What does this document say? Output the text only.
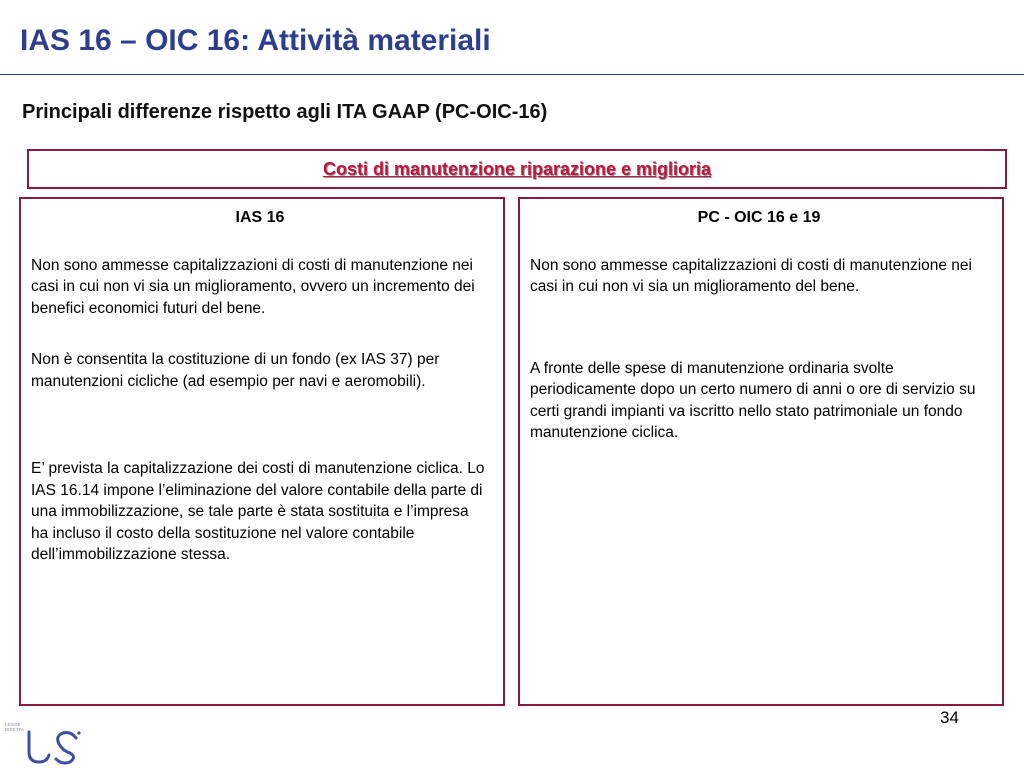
IAS 16 – OIC 16: Attività materiali
Principali differenze rispetto agli ITA GAAP (PC-OIC-16)
Costi di manutenzione riparazione e miglioria
IAS 16

Non sono ammesse capitalizzazioni di costi di manutenzione nei casi in cui non vi sia un miglioramento, ovvero un incremento dei benefici economici futuri del bene.

Non è consentita la costituzione di un fondo (ex IAS 37) per manutenzioni cicliche (ad esempio per navi e aeromobili).

E’ prevista la capitalizzazione dei costi di manutenzione ciclica. Lo IAS 16.14 impone l’eliminazione del valore contabile della parte di una immobilizzazione, se tale parte è stata sostituita e l’impresa ha incluso il costo della sostituzione nel valore contabile dell’immobilizzazione stessa.

PC - OIC 16 e 19

Non sono ammesse capitalizzazioni di costi di manutenzione nei casi in cui non vi sia un miglioramento del bene.

A fronte delle spese di manutenzione ordinaria svolte periodicamente dopo un certo numero di anni o ore di servizio su certi grandi impianti va iscritto nello stato patrimoniale un fondo manutenzione ciclica.

34
LEGGE
DIRETTA
